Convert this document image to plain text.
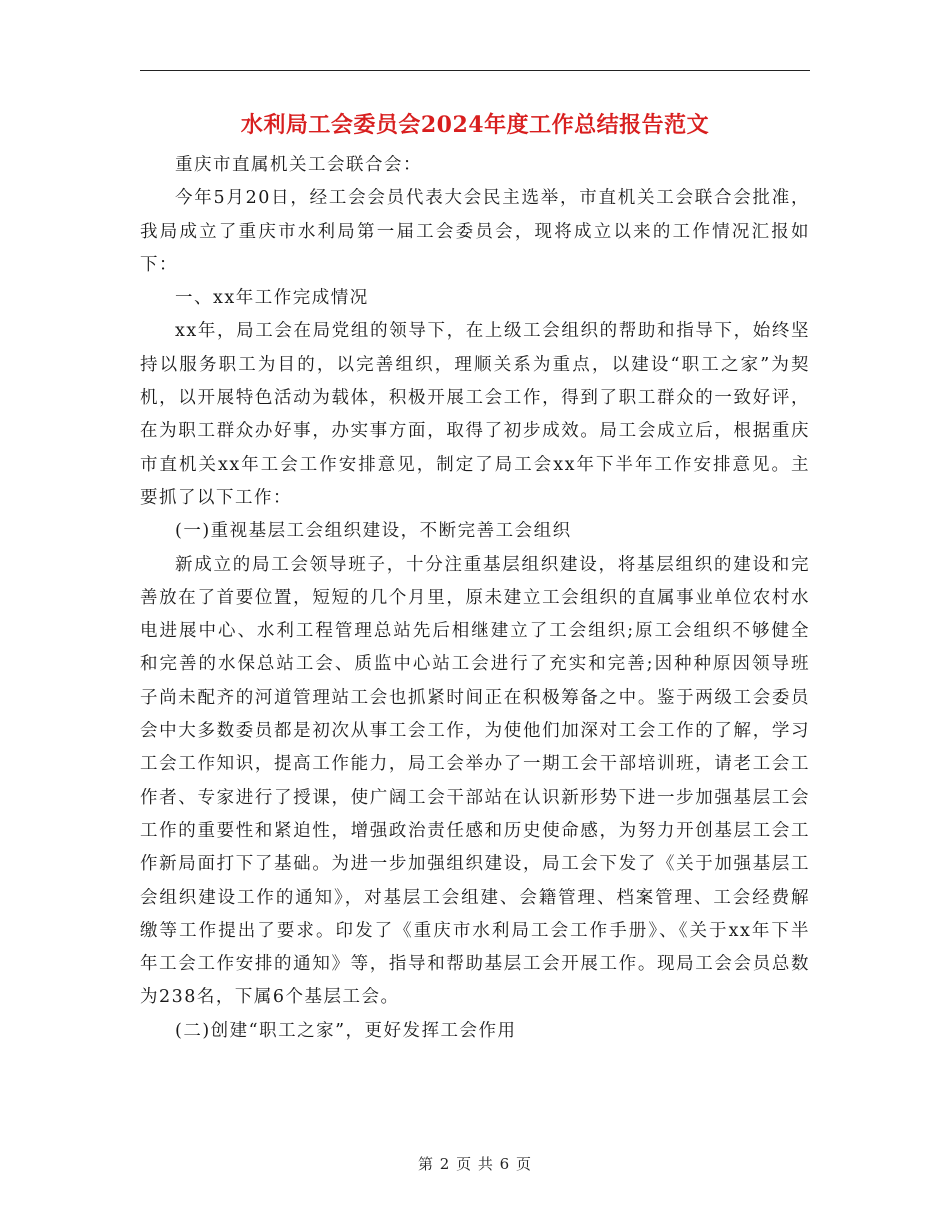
水利局工会委员会2024年度工作总结报告范文

重庆市直属机关工会联合会：

今年5月20日，经工会会员代表大会民主选举，市直机关工会联合会批准，我局成立了重庆市水利局第一届工会委员会，现将成立以来的工作情况汇报如下：

一、xx年工作完成情况

xx年，局工会在局党组的领导下，在上级工会组织的帮助和指导下，始终坚持以服务职工为目的，以完善组织，理顺关系为重点，以建设“职工之家”为契机，以开展特色活动为载体，积极开展工会工作，得到了职工群众的一致好评，在为职工群众办好事，办实事方面，取得了初步成效。局工会成立后，根据重庆市直机关xx年工会工作安排意见，制定了局工会xx年下半年工作安排意见。主要抓了以下工作：

(一)重视基层工会组织建设，不断完善工会组织

新成立的局工会领导班子，十分注重基层组织建设，将基层组织的建设和完善放在了首要位置，短短的几个月里，原未建立工会组织的直属事业单位农村水电进展中心、水利工程管理总站先后相继建立了工会组织;原工会组织不够健全和完善的水保总站工会、质监中心站工会进行了充实和完善;因种种原因领导班子尚未配齐的河道管理站工会也抓紧时间正在积极筹备之中。鉴于两级工会委员会中大多数委员都是初次从事工会工作，为使他们加深对工会工作的了解，学习工会工作知识，提高工作能力，局工会举办了一期工会干部培训班，请老工会工作者、专家进行了授课，使广阔工会干部站在认识新形势下进一步加强基层工会工作的重要性和紧迫性，增强政治责任感和历史使命感，为努力开创基层工会工作新局面打下了基础。为进一步加强组织建设，局工会下发了《关于加强基层工会组织建设工作的通知》，对基层工会组建、会籍管理、档案管理、工会经费解缴等工作提出了要求。印发了《重庆市水利局工会工作手册》、《关于xx年下半年工会工作安排的通知》等，指导和帮助基层工会开展工作。现局工会会员总数为238名，下属6个基层工会。

(二)创建“职工之家”，更好发挥工会作用

第 2 页 共 6 页
